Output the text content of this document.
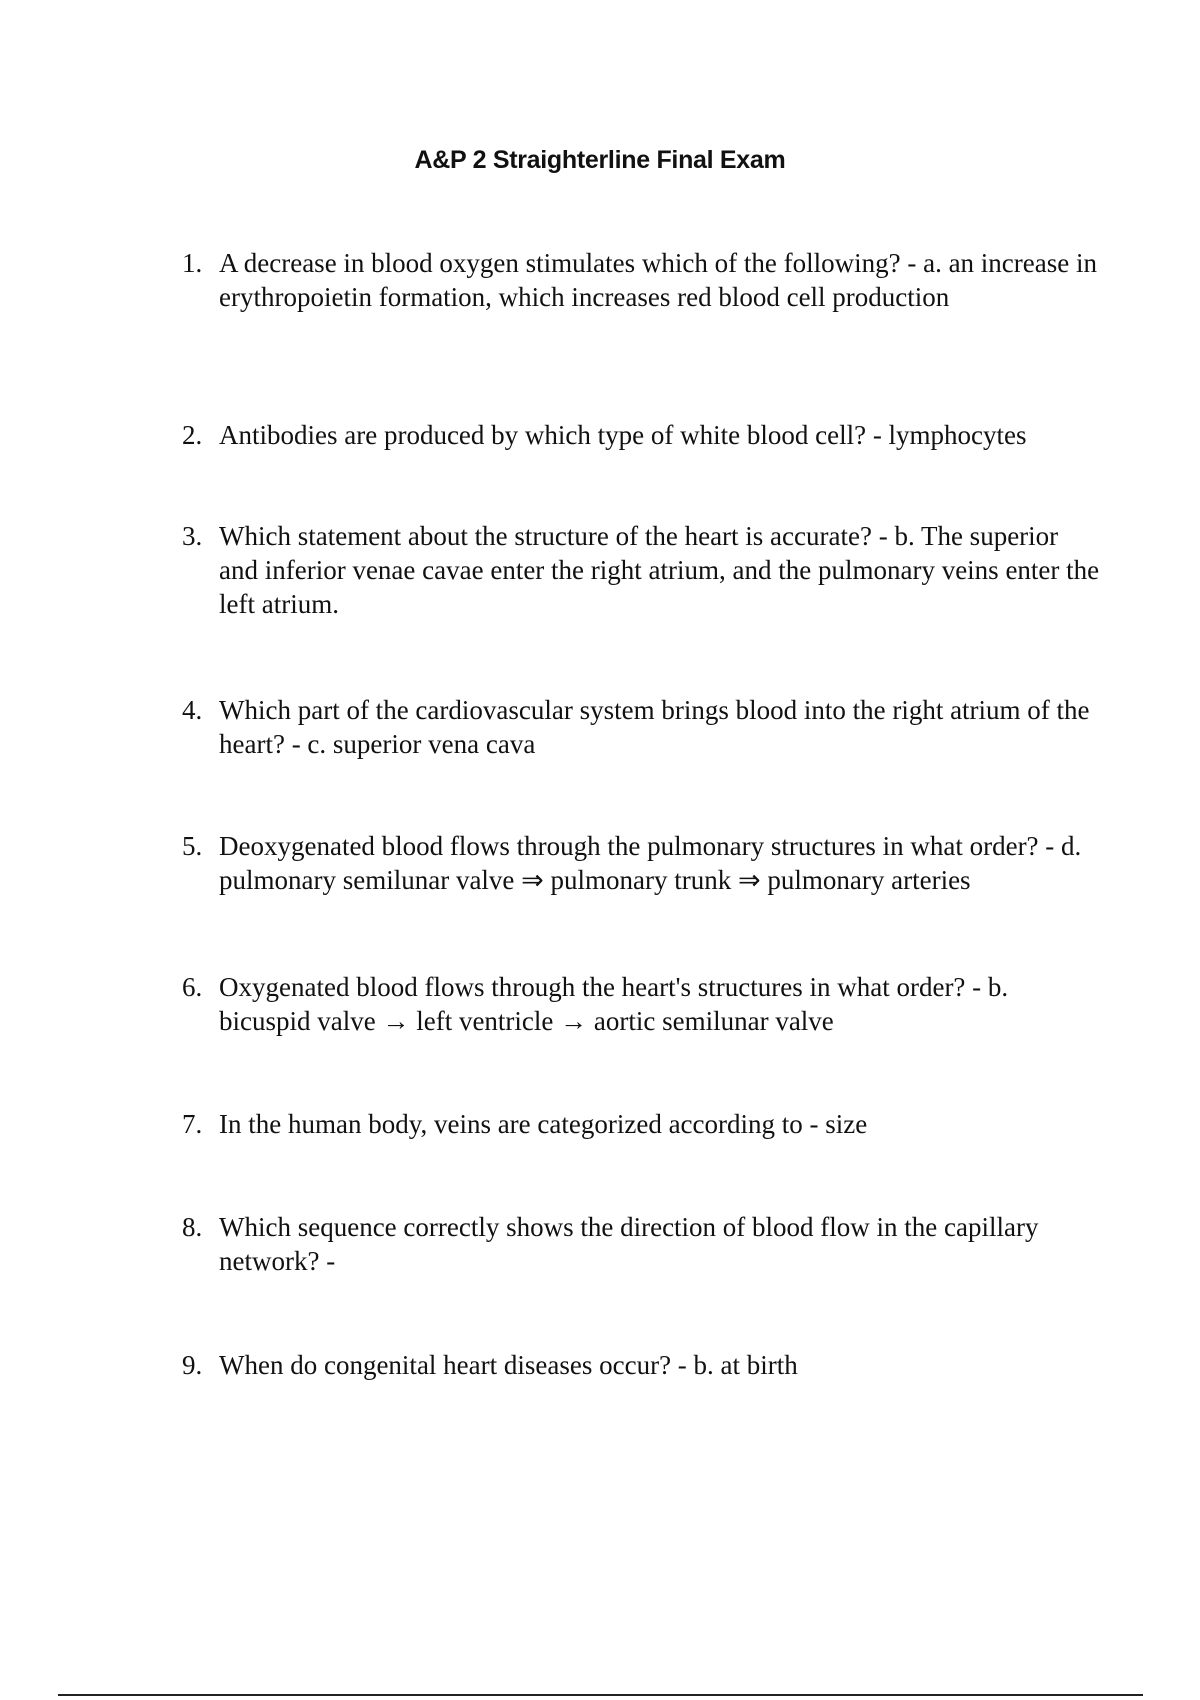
A&P 2 Straighterline Final Exam
1. A decrease in blood oxygen stimulates which of the following? - a. an increase in erythropoietin formation, which increases red blood cell production
2. Antibodies are produced by which type of white blood cell? - lymphocytes
3. Which statement about the structure of the heart is accurate? - b. The superior and inferior venae cavae enter the right atrium, and the pulmonary veins enter the left atrium.
4. Which part of the cardiovascular system brings blood into the right atrium of the heart? - c. superior vena cava
5. Deoxygenated blood flows through the pulmonary structures in what order? - d. pulmonary semilunar valve ⇒ pulmonary trunk ⇒ pulmonary arteries
6. Oxygenated blood flows through the heart's structures in what order? - b. bicuspid valve → left ventricle → aortic semilunar valve
7. In the human body, veins are categorized according to - size
8. Which sequence correctly shows the direction of blood flow in the capillary network? -
9. When do congenital heart diseases occur? - b. at birth
